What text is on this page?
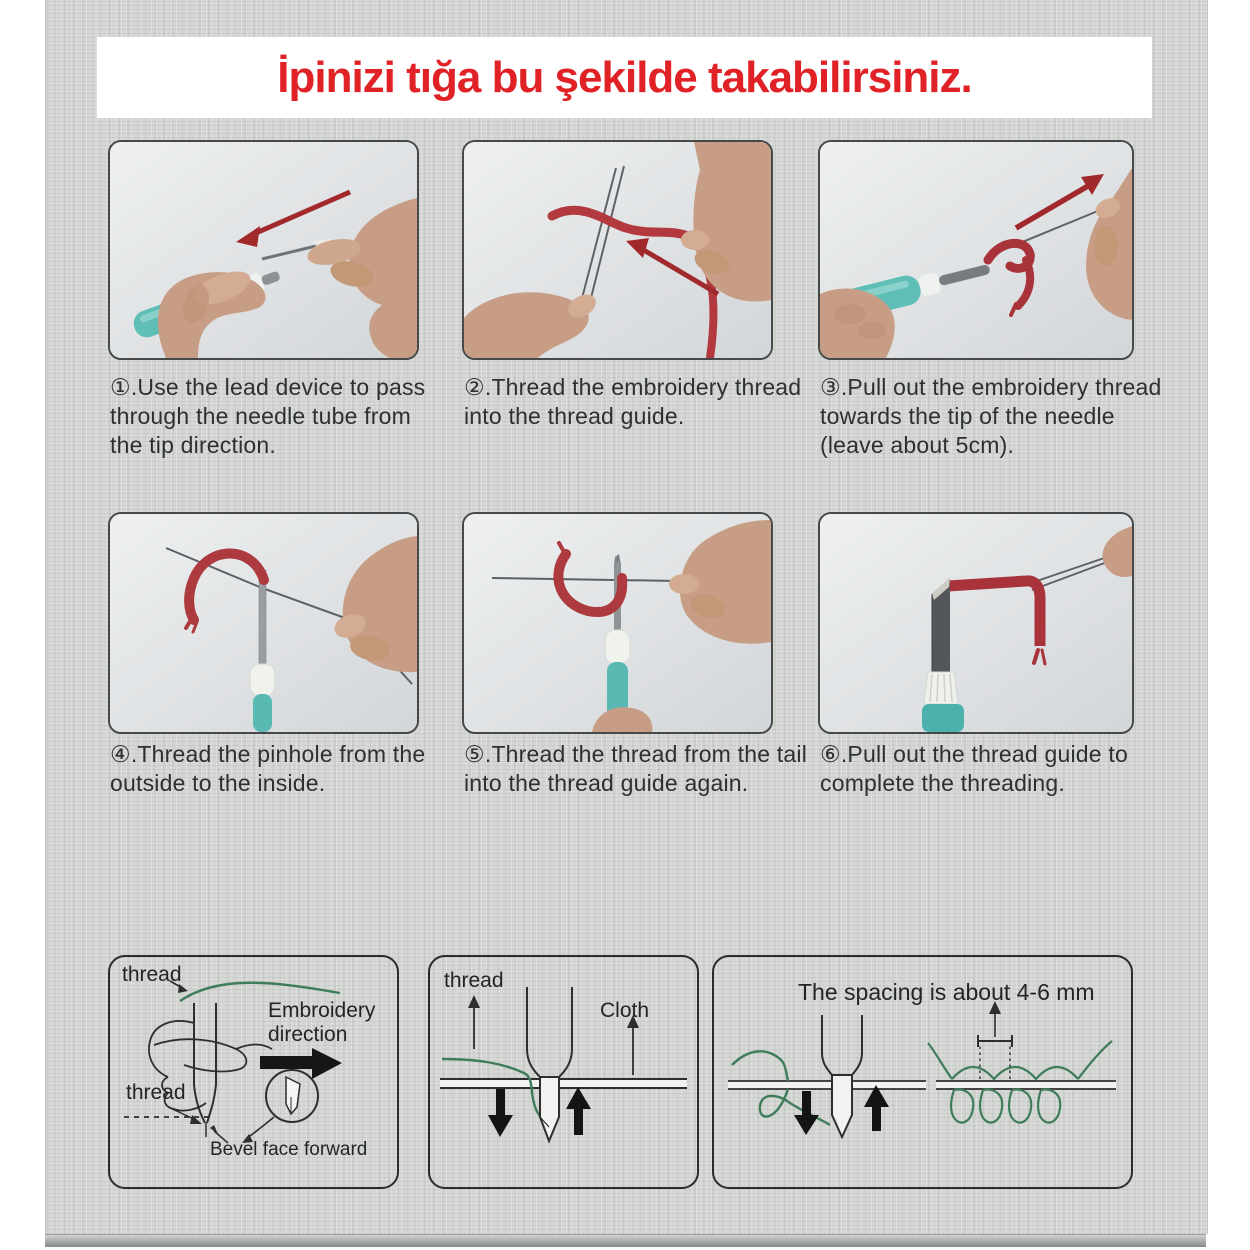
İpinizi tığa bu şekilde takabilirsiniz.
①.Use the lead device to pass through the needle tube from the tip direction.
②.Thread the embroidery thread into the thread guide.
③.Pull out the embroidery thread towards the tip of the needle (leave about 5cm).
④.Thread the pinhole from the outside to the inside.
⑤.Thread the thread from the tail into the thread guide again.
⑥.Pull out the thread guide to complete the threading.
thread
Embroidery direction
thread
Bevel face forward
thread
Cloth
The spacing is about 4-6 mm
